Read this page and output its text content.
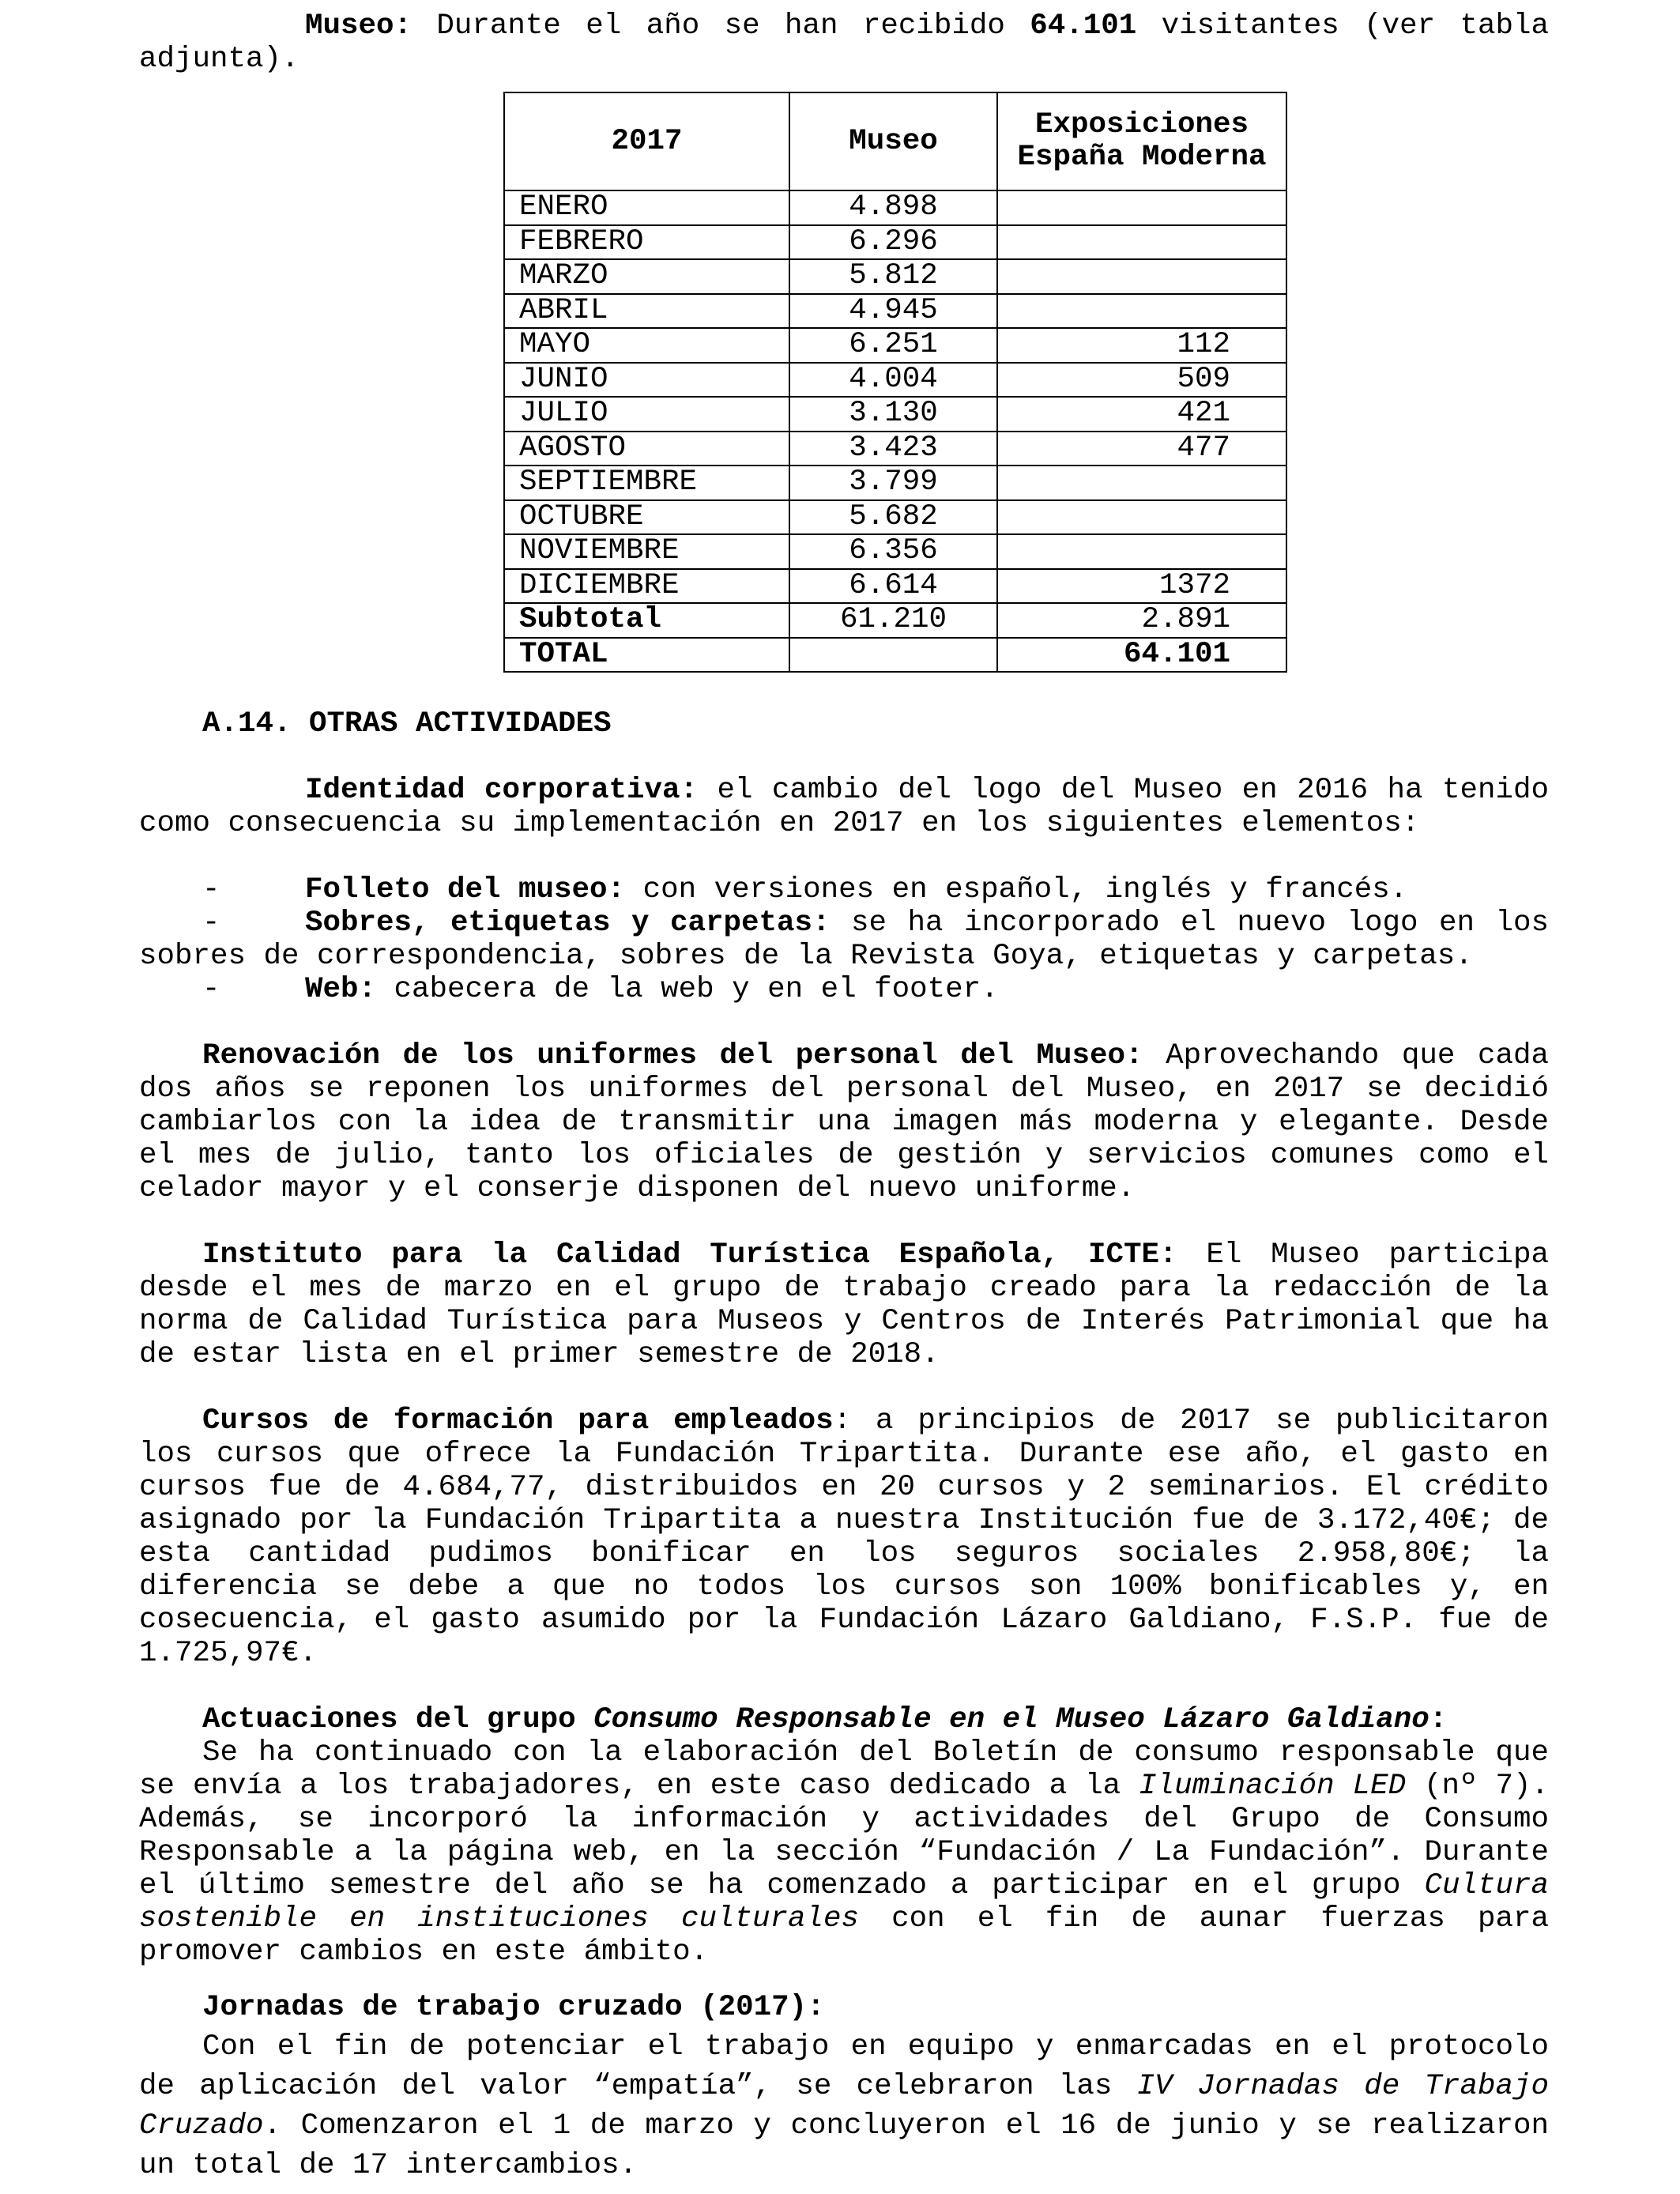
Museo: Durante el año se han recibido 64.101 visitantes (ver tabla adjunta).

2017	Museo	Exposiciones España Moderna
ENERO	4.898	
FEBRERO	6.296	
MARZO	5.812	
ABRIL	4.945	
MAYO	6.251	112
JUNIO	4.004	509
JULIO	3.130	421
AGOSTO	3.423	477
SEPTIEMBRE	3.799	
OCTUBRE	5.682	
NOVIEMBRE	6.356	
DICIEMBRE	6.614	1372
Subtotal	61.210	2.891
TOTAL		64.101
A.14. OTRAS ACTIVIDADES

Identidad corporativa: el cambio del logo del Museo en 2016 ha tenido como consecuencia su implementación en 2017 en los siguientes elementos:

-	Folleto del museo: con versiones en español, inglés y francés.

-	Sobres, etiquetas y carpetas: se ha incorporado el nuevo logo en los sobres de correspondencia, sobres de la Revista Goya, etiquetas y carpetas.

-	Web: cabecera de la web y en el footer.

Renovación de los uniformes del personal del Museo: Aprovechando que cada dos años se reponen los uniformes del personal del Museo, en 2017 se decidió cambiarlos con la idea de transmitir una imagen más moderna y elegante. Desde el mes de julio, tanto los oficiales de gestión y servicios comunes como el celador mayor y el conserje disponen del nuevo uniforme.

Instituto para la Calidad Turística Española, ICTE: El Museo participa desde el mes de marzo en el grupo de trabajo creado para la redacción de la norma de Calidad Turística para Museos y Centros de Interés Patrimonial que ha de estar lista en el primer semestre de 2018.

Cursos de formación para empleados: a principios de 2017 se publicitaron los cursos que ofrece la Fundación Tripartita. Durante ese año, el gasto en cursos fue de 4.684,77, distribuidos en 20 cursos y 2 seminarios. El crédito asignado por la Fundación Tripartita a nuestra Institución fue de 3.172,40€; de esta cantidad pudimos bonificar en los seguros sociales 2.958,80€; la diferencia se debe a que no todos los cursos son 100% bonificables y, en cosecuencia, el gasto asumido por la Fundación Lázaro Galdiano, F.S.P. fue de 1.725,97€.

Actuaciones del grupo Consumo Responsable en el Museo Lázaro Galdiano:

Se ha continuado con la elaboración del Boletín de consumo responsable que se envía a los trabajadores, en este caso dedicado a la Iluminación LED (nº 7). Además, se incorporó la información y actividades del Grupo de Consumo Responsable a la página web, en la sección “Fundación / La Fundación”. Durante el último semestre del año se ha comenzado a participar en el grupo Cultura sostenible en instituciones culturales con el fin de aunar fuerzas para promover cambios en este ámbito.

Jornadas de trabajo cruzado (2017):

Con el fin de potenciar el trabajo en equipo y enmarcadas en el protocolo de aplicación del valor “empatía”, se celebraron las IV Jornadas de Trabajo Cruzado. Comenzaron el 1 de marzo y concluyeron el 16 de junio y se realizaron un total de 17 intercambios.
